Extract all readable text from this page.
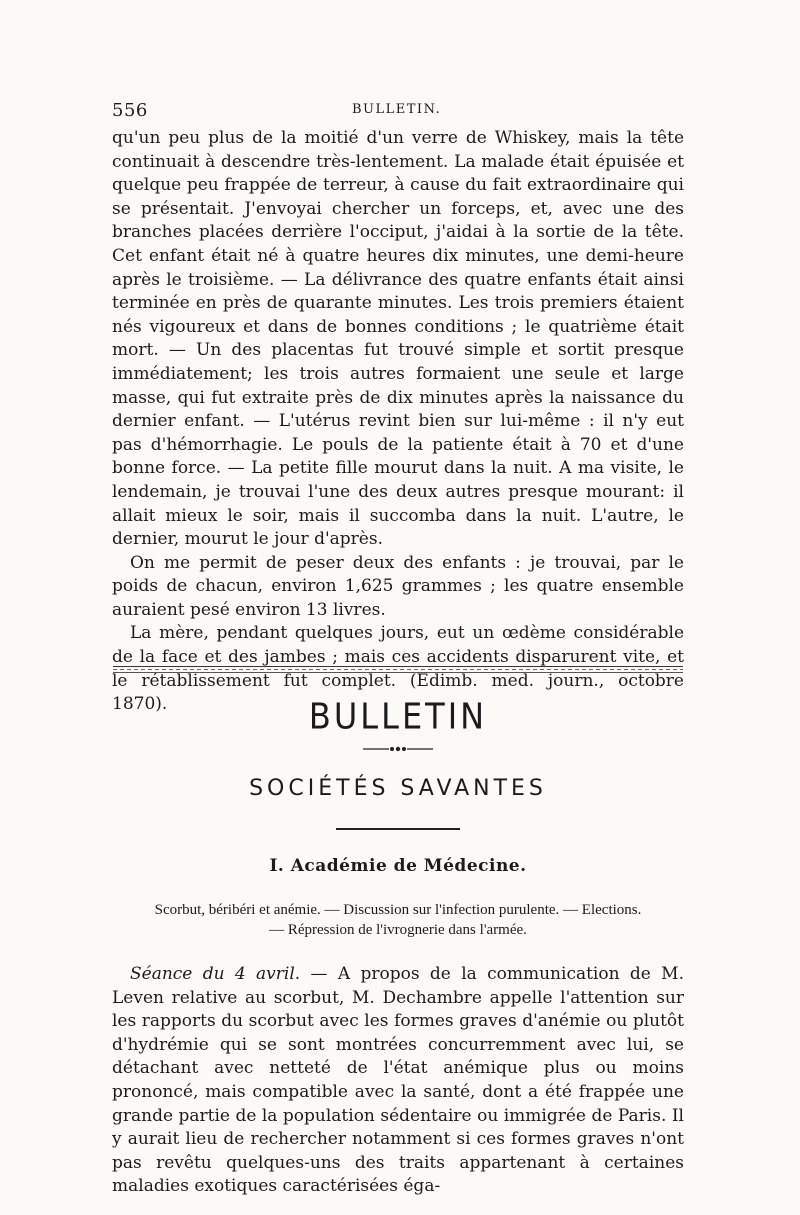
556	BULLETIN.

qu'un peu plus de la moitié d'un verre de Whiskey, mais la tête continuait à descendre très-lentement. La malade était épuisée et quelque peu frappée de terreur, à cause du fait extraordinaire qui se présentait. J'envoyai chercher un forceps, et, avec une des branches placées derrière l'occiput, j'aidai à la sortie de la tête. Cet enfant était né à quatre heures dix minutes, une demi-heure après le troisième. — La délivrance des quatre enfants était ainsi terminée en près de quarante minutes. Les trois premiers étaient nés vigoureux et dans de bonnes conditions ; le quatrième était mort. — Un des placentas fut trouvé simple et sortit presque immédiatement; les trois autres formaient une seule et large masse, qui fut extraite près de dix minutes après la naissance du dernier enfant. — L'utérus revint bien sur lui-même : il n'y eut pas d'hémorrhagie. Le pouls de la patiente était à 70 et d'une bonne force. — La petite fille mourut dans la nuit. A ma visite, le lendemain, je trouvai l'une des deux autres presque mourant: il allait mieux le soir, mais il succomba dans la nuit. L'autre, le dernier, mourut le jour d'après.

On me permit de peser deux des enfants : je trouvai, par le poids de chacun, environ 1,625 grammes ; les quatre ensemble auraient pesé environ 13 livres.

La mère, pendant quelques jours, eut un œdème considérable de la face et des jambes ; mais ces accidents disparurent vite, et le rétablissement fut complet. (Edimb. med. journ., octobre 1870).	BULLETIN
SOCIÉTÉS SAVANTES
I. Académie de Médecine.
Scorbut, béribéri et anémie. — Discussion sur l'infection purulente. — Elections.
— Répression de l'ivrognerie dans l'armée.

Séance du 4 avril. — A propos de la communication de M. Leven relative au scorbut, M. Dechambre appelle l'attention sur les rapports du scorbut avec les formes graves d'anémie ou plutôt d'hydrémie qui se sont montrées concurremment avec lui, se détachant avec netteté de l'état anémique plus ou moins prononcé, mais compatible avec la santé, dont a été frappée une grande partie de la population sédentaire ou immigrée de Paris. Il y aurait lieu de rechercher notamment si ces formes graves n'ont pas revêtu quelques-uns des traits appartenant à certaines maladies exotiques caractérisées éga-
